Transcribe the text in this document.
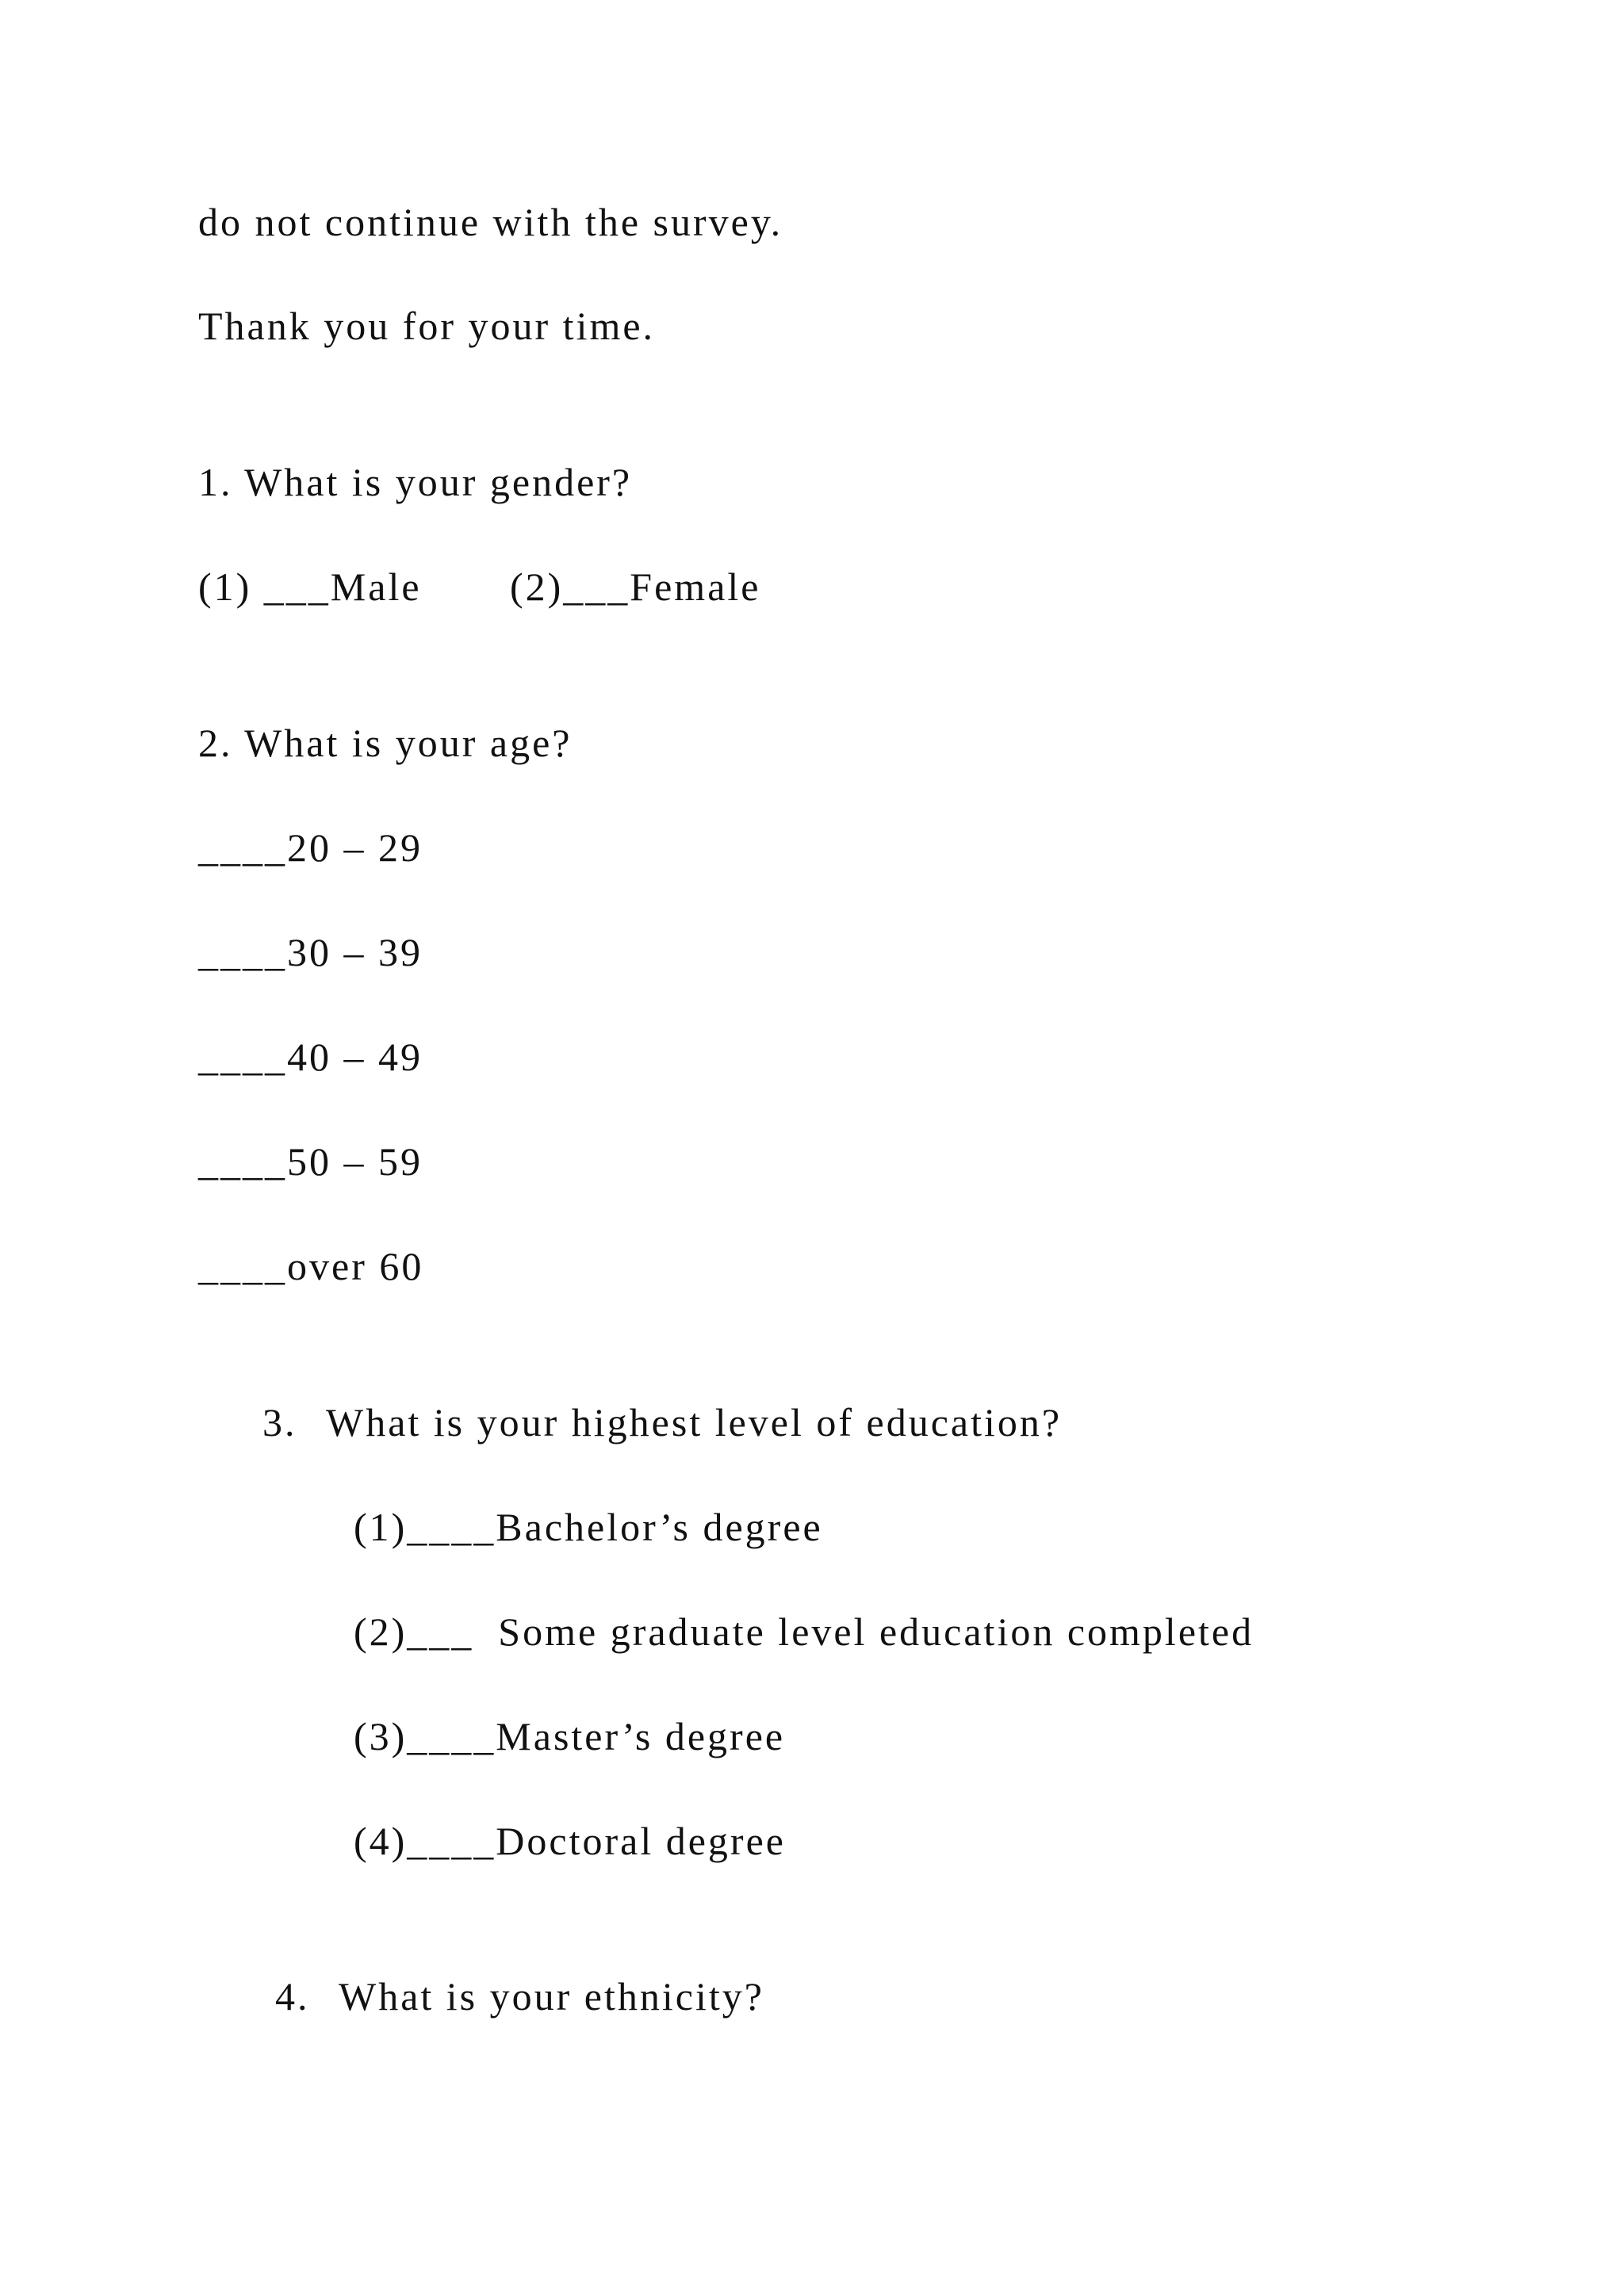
do not continue with the survey.
Thank you for your time.
1. What is your gender?
(1) ___Male (2)___Female
2. What is your age?
____20 – 29
____30 – 39
____40 – 49
____50 – 59
____over 60
3. What is your highest level of education?
(1)____Bachelor’s degree
(2)___  Some graduate level education completed
(3)____Master’s degree
(4)____Doctoral degree
4. What is your ethnicity?
